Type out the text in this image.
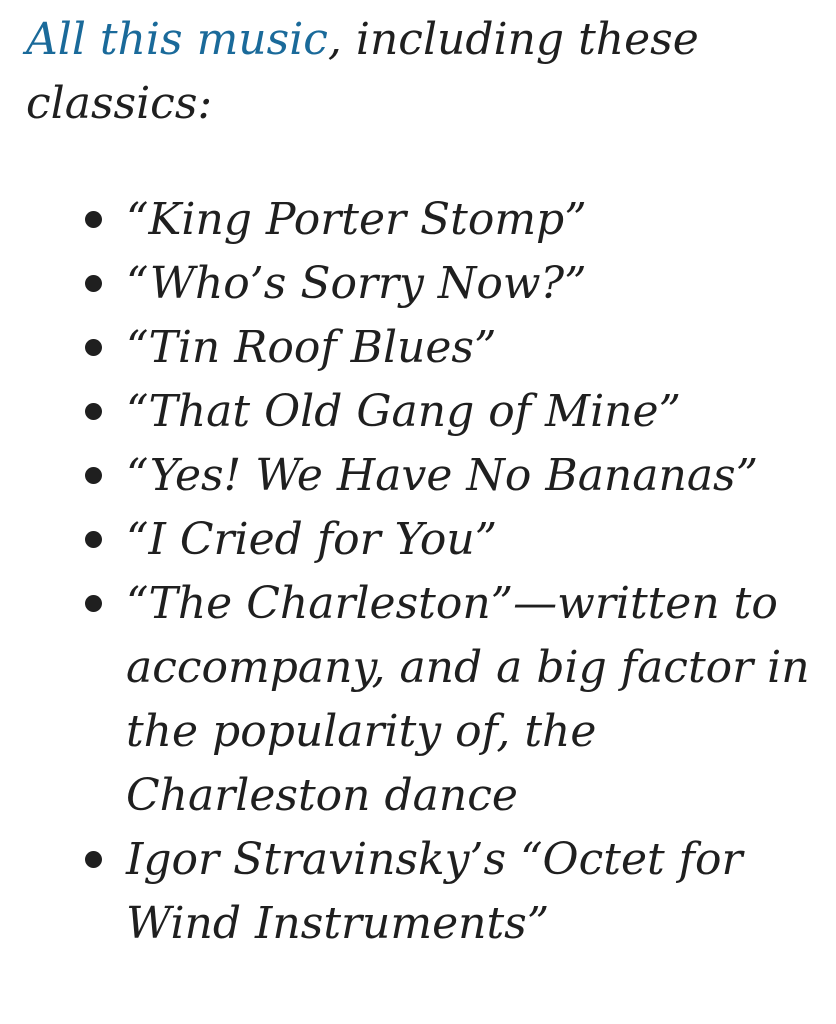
All this music, including these classics:

“King Porter Stomp”
“Who’s Sorry Now?”
“Tin Roof Blues”
“That Old Gang of Mine”
“Yes! We Have No Bananas”
“I Cried for You”
“The Charleston”—written to accompany, and a big factor in the popularity of, the Charleston dance
Igor Stravinsky’s “Octet for Wind Instruments”
